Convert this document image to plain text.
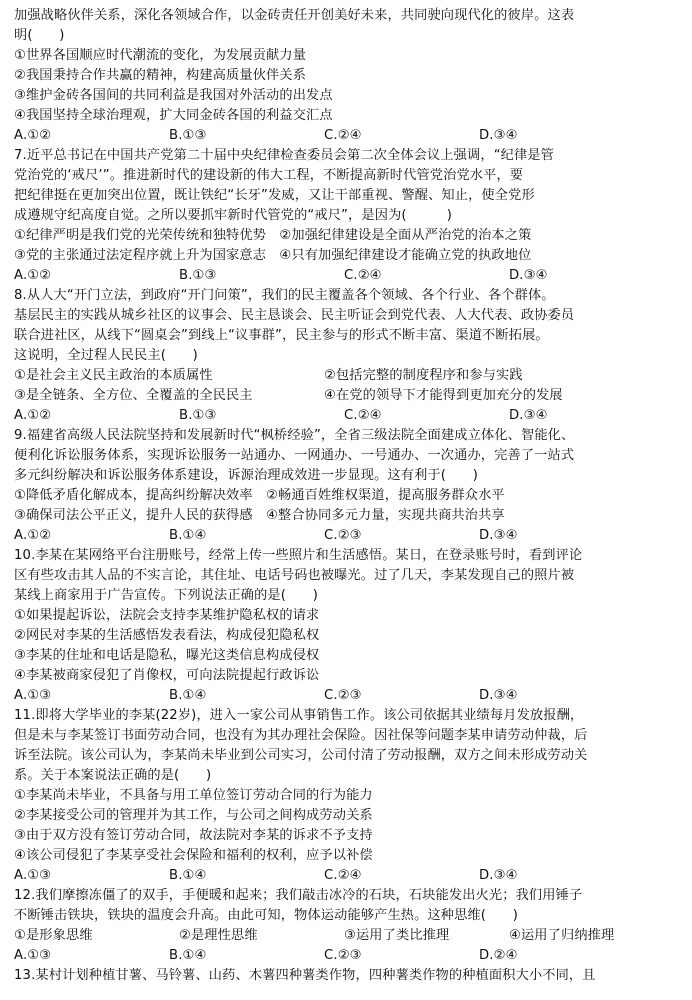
加强战略伙伴关系，深化各领域合作，以金砖责任开创美好未来，共同驶向现代化的彼岸。这表
明(　　)
①世界各国顺应时代潮流的变化，为发展贡献力量
②我国秉持合作共赢的精神，构建高质量伙伴关系
③维护金砖各国间的共同利益是我国对外活动的出发点
④我国坚持全球治理观，扩大同金砖各国的利益交汇点
A.①②	B.①③	C.②④	D.③④
7.近平总书记在中国共产党第二十届中央纪律检查委员会第二次全体会议上强调，“纪律是管
党治党的‘戒尺’”。推进新时代的建设新的伟大工程，不断提高新时代管党治党水平，要
把纪律挺在更加突出位置，既让铁纪“长牙”发威，又让干部重视、警醒、知止，使全党形
成遵规守纪高度自觉。之所以要抓牢新时代管党的“戒尺”，是因为(　　　)
①纪律严明是我们党的光荣传统和独特优势　②加强纪律建设是全面从严治党的治本之策
③党的主张通过法定程序就上升为国家意志　④只有加强纪律建设才能确立党的执政地位
A.①②	B.①③	C.②④	D.③④
8.从人大“开门立法，到政府“开门问策”，我们的民主覆盖各个领域、各个行业、各个群体。
基层民主的实践从城乡社区的议事会、民主恳谈会、民主听证会到党代表、人大代表、政协委员
联合进社区，从线下“圆桌会”到线上“议事群”，民主参与的形式不断丰富、渠道不断拓展。
这说明，全过程人民民主(　　)
①是社会主义民主政治的本质属性	②包括完整的制度程序和参与实践
③是全链条、全方位、全覆盖的全民民主	④在党的领导下才能得到更加充分的发展
A.①②	B.①③	C.②④	D.③④
9.福建省高级人民法院坚持和发展新时代“枫桥经验”，全省三级法院全面建成立体化、智能化、
便利化诉讼服务体系，实现诉讼服务一站通办、一网通办、一号通办、一次通办，完善了一站式
多元纠纷解决和诉讼服务体系建设，诉源治理成效进一步显现。这有利于(　　)
①降低矛盾化解成本，提高纠纷解决效率　②畅通百姓维权渠道，提高服务群众水平
③确保司法公平正义，提升人民的获得感　④整合协同多元力量，实现共商共治共享
A.①②	B.①④	C.②③	D.③④
10.李某在某网络平台注册账号，经常上传一些照片和生活感悟。某日，在登录账号时，看到评论
区有些攻击其人品的不实言论，其住址、电话号码也被曝光。过了几天，李某发现自己的照片被
某线上商家用于广告宣传。下列说法正确的是(　　)
①如果提起诉讼，法院会支持李某维护隐私权的请求
②网民对李某的生活感悟发表看法，构成侵犯隐私权
③李某的住址和电话是隐私，曝光这类信息构成侵权
④李某被商家侵犯了肖像权，可向法院提起行政诉讼
A.①③	B.①④	C.②③	D.③④
11.即将大学毕业的李某(22岁)，进入一家公司从事销售工作。该公司依据其业绩每月发放报酬，
但是未与李某签订书面劳动合同，也没有为其办理社会保险。因社保等问题李某申请劳动仲裁，后
诉至法院。该公司认为，李某尚未毕业到公司实习，公司付清了劳动报酬，双方之间未形成劳动关
系。关于本案说法正确的是(　　)
①李某尚未毕业，不具备与用工单位签订劳动合同的行为能力
②李某接受公司的管理并为其工作，与公司之间构成劳动关系
③由于双方没有签订劳动合同，故法院对李某的诉求不予支持
④该公司侵犯了李某享受社会保险和福利的权利，应予以补偿
A.①③	B.①④	C.②④	D.③④
12.我们摩擦冻僵了的双手，手便暖和起来；我们敲击冰冷的石块，石块能发出火光；我们用锤子
不断锤击铁块，铁块的温度会升高。由此可知，物体运动能够产生热。这种思维(　　)
①是形象思维	②是理性思维	③运用了类比推理	④运用了归纳推理
A.①③	B.①④	C.②③	D.②④
13.某村计划种植甘薯、马铃薯、山药、木薯四种薯类作物，四种薯类作物的种植面积大小不同，且
